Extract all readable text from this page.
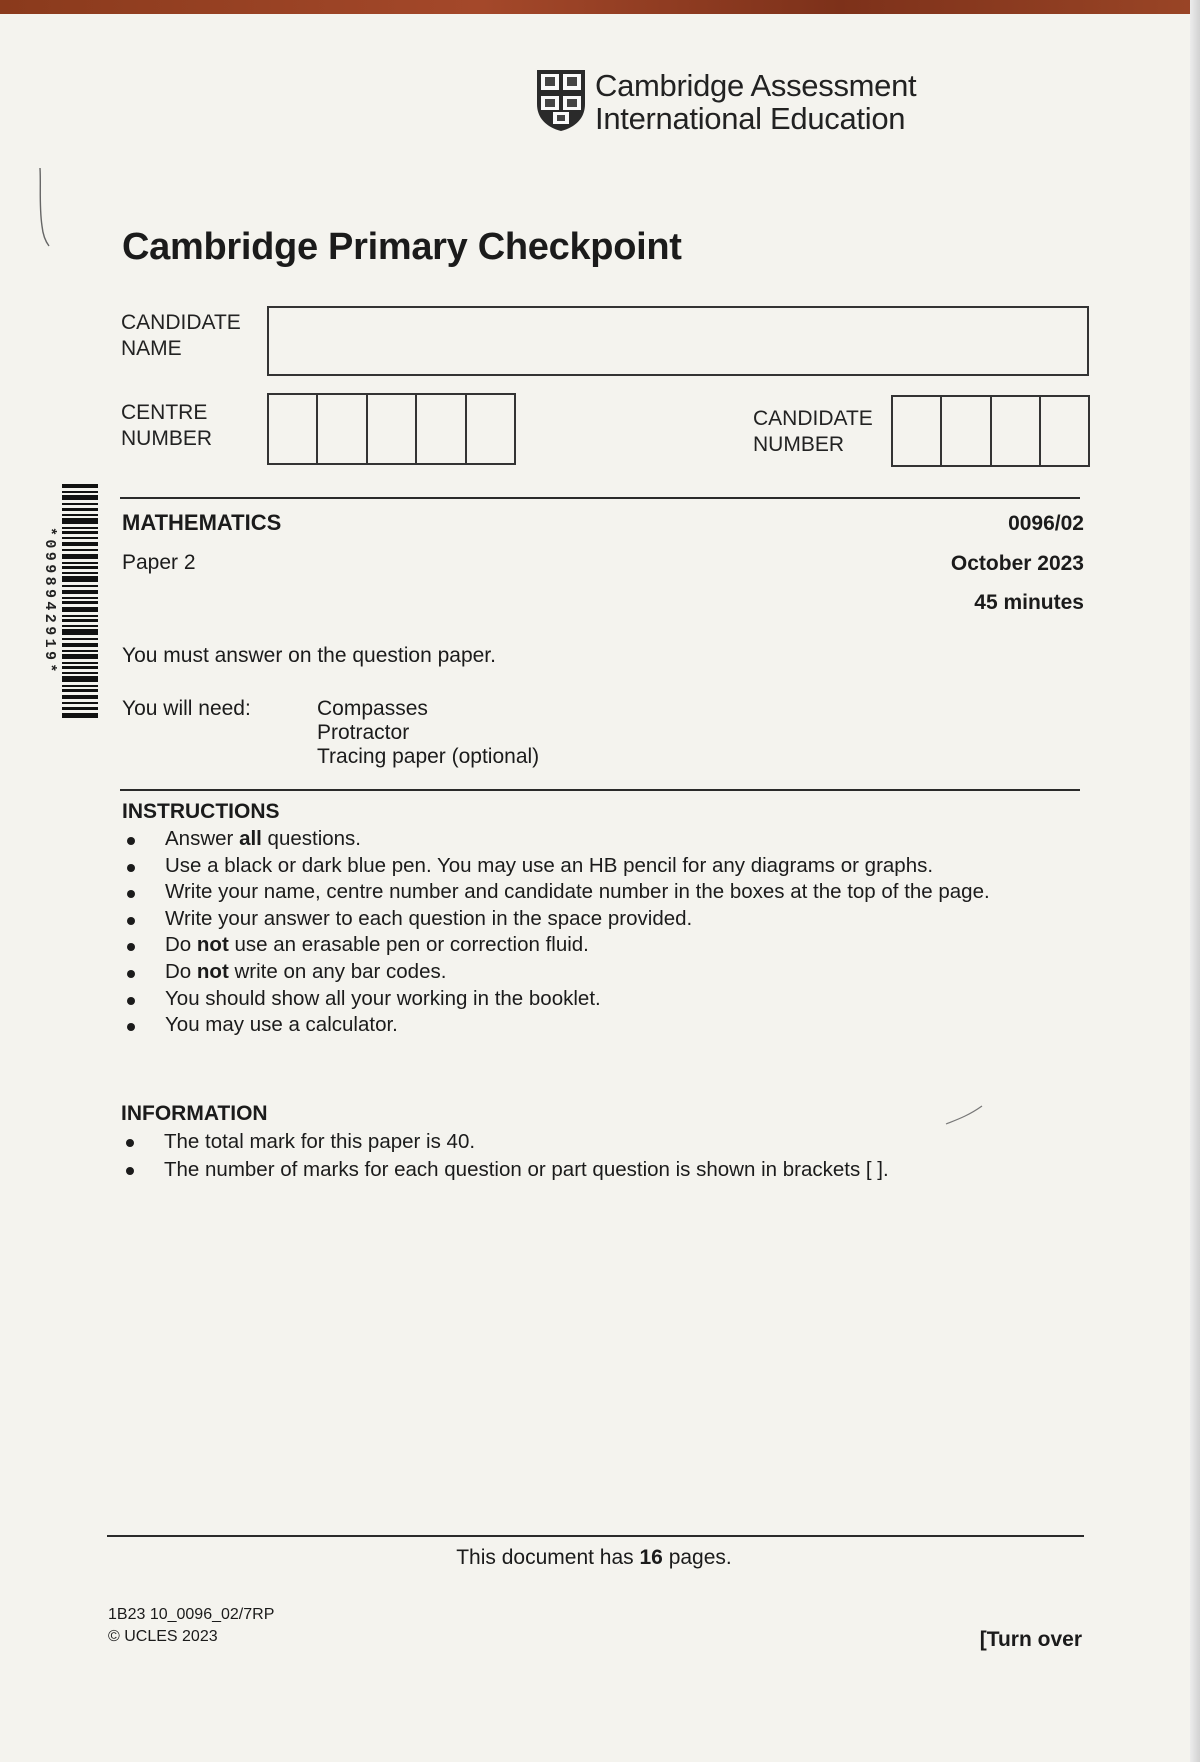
Cambridge Assessment
International Education
Cambridge Primary Checkpoint
CANDIDATE
NAME
CENTRE
NUMBER
CANDIDATE
NUMBER
*0998942919*
MATHEMATICS	0096/02
Paper 2	October 2023
45 minutes
You must answer on the question paper.
You will need:	Compasses
Protractor
Tracing paper (optional)
INSTRUCTIONS
Answer all questions.
Use a black or dark blue pen. You may use an HB pencil for any diagrams or graphs.
Write your name, centre number and candidate number in the boxes at the top of the page.
Write your answer to each question in the space provided.
Do not use an erasable pen or correction fluid.
Do not write on any bar codes.
You should show all your working in the booklet.
You may use a calculator.
INFORMATION
The total mark for this paper is 40.
The number of marks for each question or part question is shown in brackets [ ].
This document has 16 pages.
1B23 10_0096_02/7RP
© UCLES 2023	[Turn over
